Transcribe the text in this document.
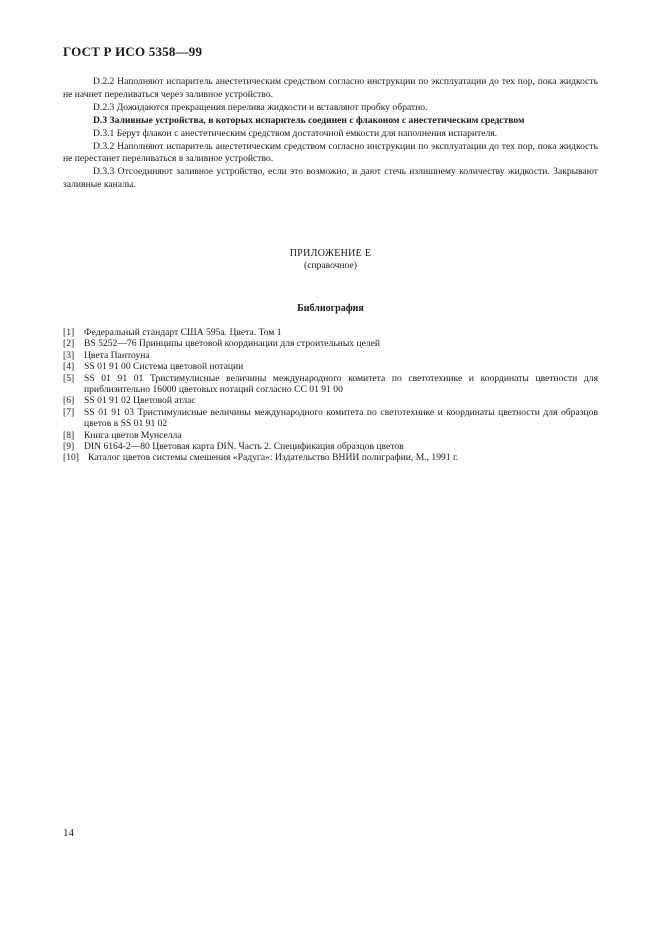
ГОСТ Р ИСО 5358—99

D.2.2 Наполняют испаритель анестетическим средством согласно инструкции по эксплуатации до тех пор, пока жидкость не начнет переливаться через заливное устройство.

D.2.3 Дожидаются прекращения перелива жидкости и вставляют пробку обратно.

D.3 Заливные устройства, в которых испаритель соединен с флаконом с анестетическим средством

D.3.1 Берут флакон с анестетическим средством достаточной емкости для наполнения испарителя.

D.3.2 Наполняют испаритель анестетическим средством согласно инструкции по эксплуатации до тех пор, пока жидкость не перестанет переливаться в заливное устройство.

D.3.3 Отсоединяют заливное устройство, если это возможно, и дают стечь излишнему количеству жидкости. Закрывают заливные каналы.

ПРИЛОЖЕНИЕ Е
(справочное)
Библиография
[1]	Федеральный стандарт США 595а. Цвета. Том 1
[2]	BS 5252—76 Принципы цветовой координации для строительных целей
[3]	Цвета Пантоуна
[4]	SS 01 91 00 Система цветовой нотации
[5]	SS 01 91 01 Тристимулисные величины международного комитета по светотехнике и координаты цветности для приблизительно 16000 цветовых нотаций согласно СС 01 91 00
[6]	SS 01 91 02 Цветовой атлас
[7]	SS 01 91 03 Тристимулисные величины международного комитета по светотехнике и координаты цветности для образцов цветов в SS 01 91 02
[8]	Книга цветов Мунселла
[9]	DIN 6164-2—80 Цветовая карта DIN. Часть 2. Спецификация образцов цветов
[10] Каталог цветов системы смешения «Радуга»: Издательство ВНИИ полиграфии, М., 1991 г.
14
